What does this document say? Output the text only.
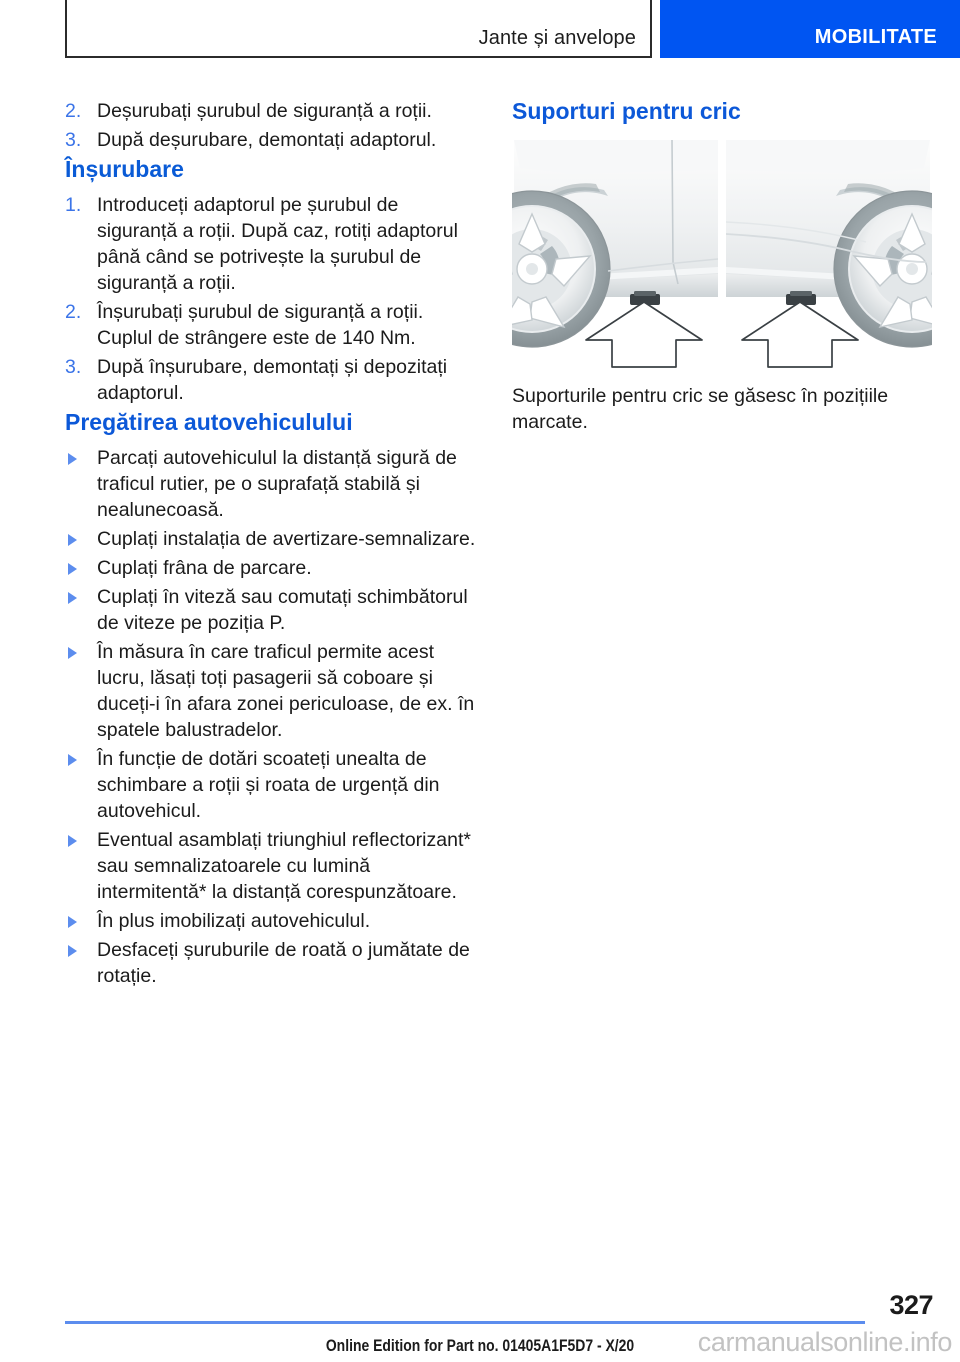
Jante și anvelope	MOBILITATE
2. Deșurubați șurubul de siguranță a roții.
3. După deșurubare, demontați adaptorul.
Înșurubare
1. Introduceți adaptorul pe șurubul de siguranță a roții. După caz, rotiți adaptorul până când se potrivește la șurubul de siguranță a roții.
2. Înșurubați șurubul de siguranță a roții. Cuplul de strângere este de 140 Nm.
3. După înșurubare, demontați și depozitați adaptorul.
Pregătirea autovehiculului
Parcați autovehiculul la distanță sigură de traficul rutier, pe o suprafață stabilă și nealunecoasă.
Cuplați instalația de avertizare-semnalizare.
Cuplați frâna de parcare.
Cuplați în viteză sau comutați schimbătorul de viteze pe poziția P.
În măsura în care traficul permite acest lucru, lăsați toți pasagerii să coboare și duceți-i în afara zonei periculoase, de ex. în spatele balustradelor.
În funcție de dotări scoateți unealta de schimbare a roții și roata de urgență din autovehicul.
Eventual asamblați triunghiul reflectorizant* sau semnalizatoarele cu lumină intermitentă* la distanță corespunzătoare.
În plus imobilizați autovehiculul.
Desfaceți șuruburile de roată o jumătate de rotație.
Suporturi pentru cric
Suporturile pentru cric se găsesc în pozițiile marcate.
327
Online Edition for Part no. 01405A1F5D7 - X/20	carmanualsonline.info
